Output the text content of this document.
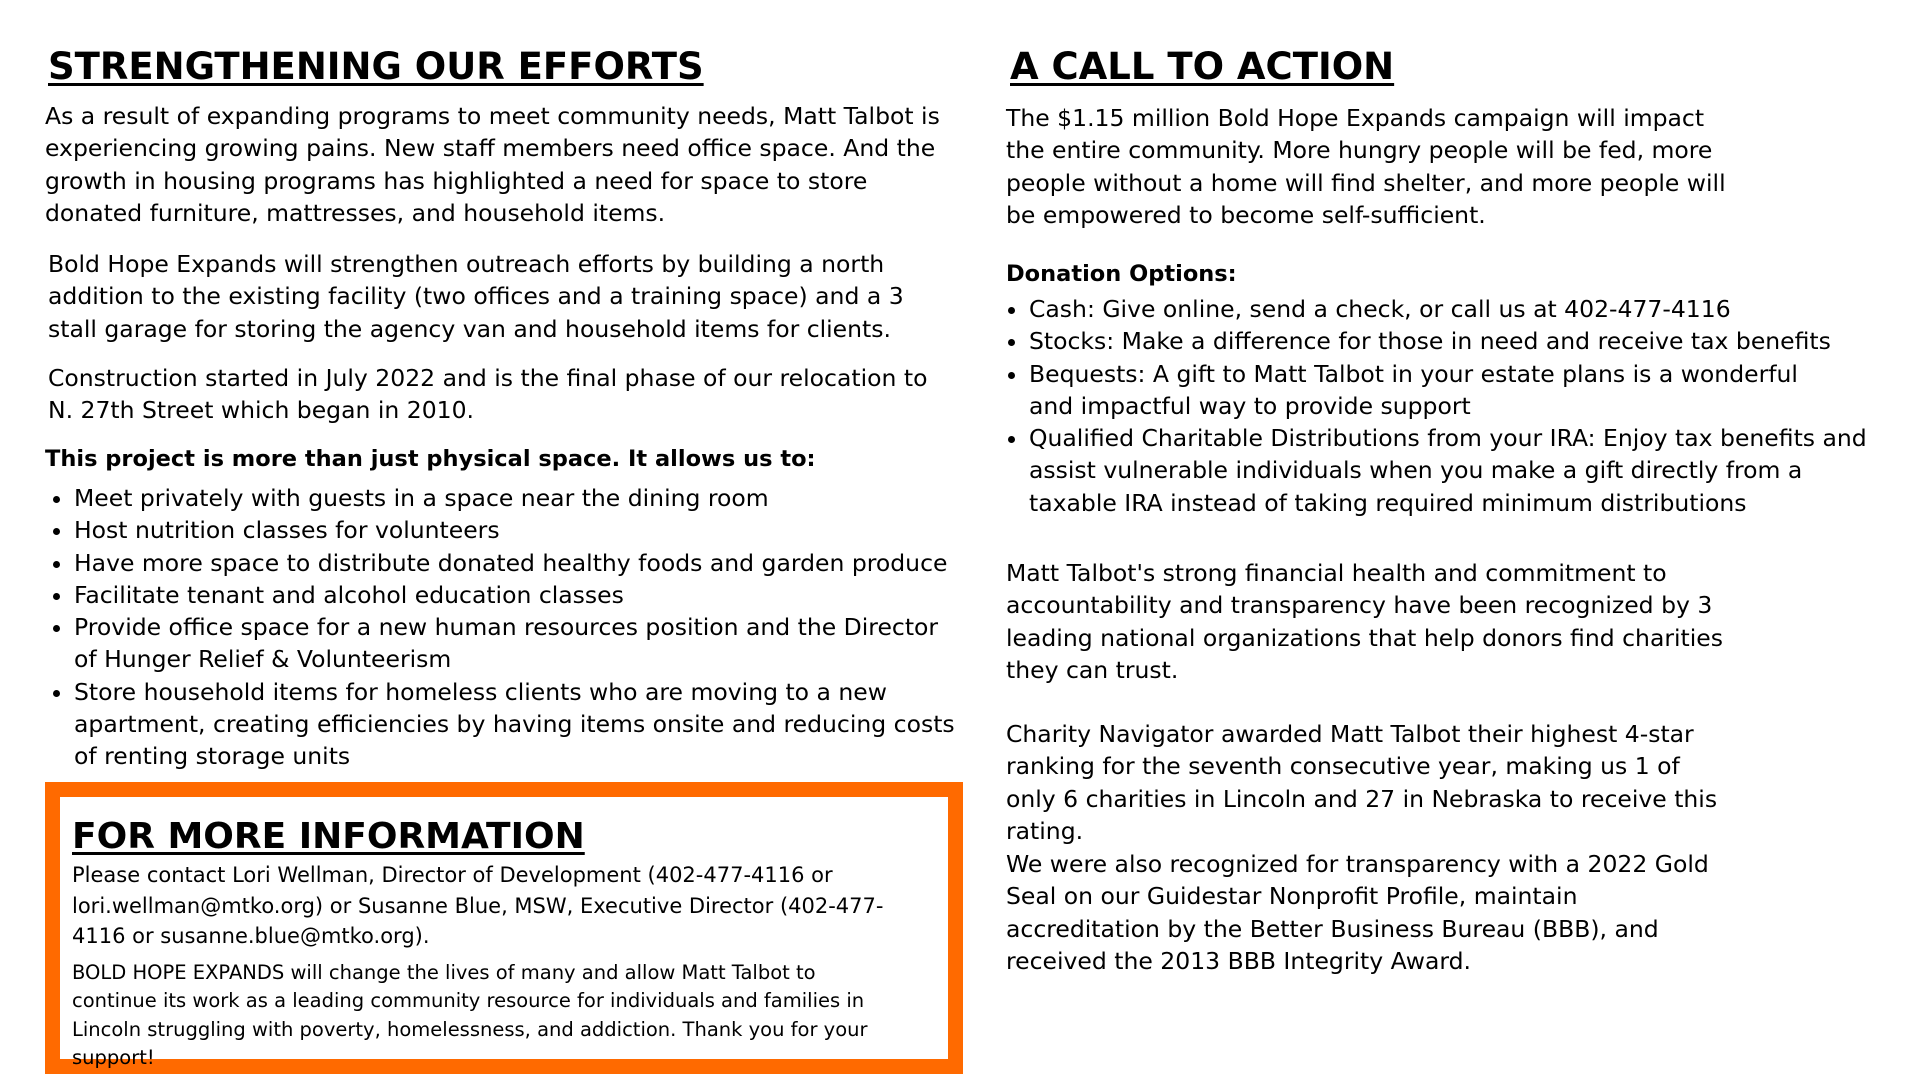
STRENGTHENING OUR EFFORTS

As a result of expanding programs to meet community needs, Matt Talbot is experiencing growing pains. New staff members need office space. And the growth in housing programs has highlighted a need for space to store donated furniture, mattresses, and household items.

Bold Hope Expands will strengthen outreach efforts by building a north addition to the existing facility (two offices and a training space) and a 3 stall garage for storing the agency van and household items for clients.

Construction started in July 2022 and is the final phase of our relocation to N. 27th Street which began in 2010.

This project is more than just physical space. It allows us to:

• Meet privately with guests in a space near the dining room
• Host nutrition classes for volunteers
• Have more space to distribute donated healthy foods and garden produce
• Facilitate tenant and alcohol education classes
• Provide office space for a new human resources position and the Director of Hunger Relief & Volunteerism
• Store household items for homeless clients who are moving to a new apartment, creating efficiencies by having items onsite and reducing costs of renting storage units
FOR MORE INFORMATION

Please contact Lori Wellman, Director of Development (402-477-4116 or lori.wellman@mtko.org) or Susanne Blue, MSW, Executive Director (402-477-4116 or susanne.blue@mtko.org).

BOLD HOPE EXPANDS will change the lives of many and allow Matt Talbot to continue its work as a leading community resource for individuals and families in Lincoln struggling with poverty, homelessness, and addiction. Thank you for your support!

A CALL TO ACTION

The $1.15 million Bold Hope Expands campaign will impact the entire community. More hungry people will be fed, more people without a home will find shelter, and more people will be empowered to become self-sufficient.

Donation Options:

• Cash: Give online, send a check, or call us at 402-477-4116
• Stocks: Make a difference for those in need and receive tax benefits
• Bequests: A gift to Matt Talbot in your estate plans is a wonderful and impactful way to provide support
• Qualified Charitable Distributions from your IRA: Enjoy tax benefits and assist vulnerable individuals when you make a gift directly from a taxable IRA instead of taking required minimum distributions

Matt Talbot's strong financial health and commitment to accountability and transparency have been recognized by 3 leading national organizations that help donors find charities they can trust.

Charity Navigator awarded Matt Talbot their highest 4-star ranking for the seventh consecutive year, making us 1 of only 6 charities in Lincoln and 27 in Nebraska to receive this rating.

We were also recognized for transparency with a 2022 Gold Seal on our Guidestar Nonprofit Profile, maintain accreditation by the Better Business Bureau (BBB), and received the 2013 BBB Integrity Award.
